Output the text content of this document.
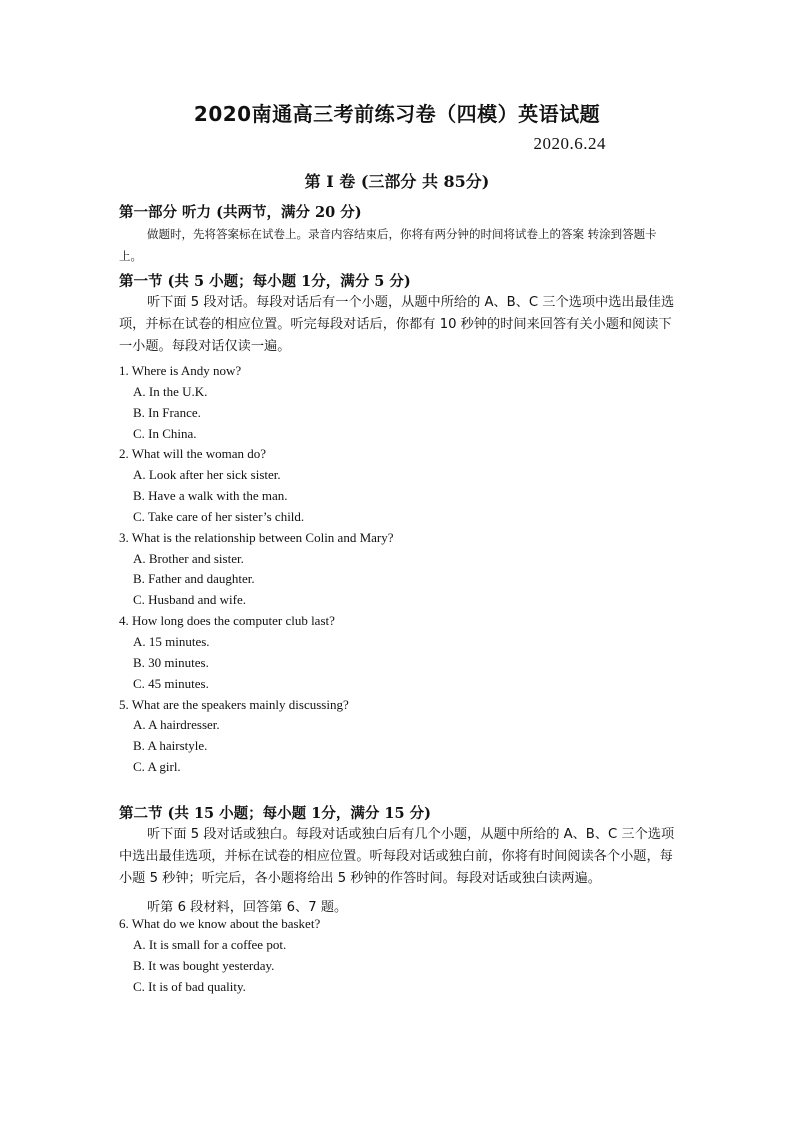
2020南通高三考前练习卷（四模）英语试题
2020.6.24
第 I 卷 (三部分 共 85分)
第一部分 听力 (共两节，满分 20 分)

做题时，先将答案标在试卷上。录音内容结束后，你将有两分钟的时间将试卷上的答案 转涂到答题卡上。

第一节 (共 5 小题；每小题 1分，满分 5 分)

听下面 5 段对话。每段对话后有一个小题，从题中所给的 A、B、C 三个选项中选出最佳选项，并标在试卷的相应位置。听完每段对话后，你都有 10 秒钟的时间来回答有关小题和阅读下一小题。每段对话仅读一遍。

1. Where is Andy now?
A. In the U.K.
B. In France.
C. In China.
2. What will the woman do?
A. Look after her sick sister.
B. Have a walk with the man.
C. Take care of her sister’s child.
3. What is the relationship between Colin and Mary?
A. Brother and sister.
B. Father and daughter.
C. Husband and wife.
4. How long does the computer club last?
A. 15 minutes.
B. 30 minutes.
C. 45 minutes.
5. What are the speakers mainly discussing?
A. A hairdresser.
B. A hairstyle.
C. A girl.
第二节 (共 15 小题；每小题 1分，满分 15 分)

听下面 5 段对话或独白。每段对话或独白后有几个小题，从题中所给的 A、B、C 三个选项中选出最佳选项，并标在试卷的相应位置。听每段对话或独白前，你将有时间阅读各个小题，每小题 5 秒钟；听完后，各小题将给出 5 秒钟的作答时间。每段对话或独白读两遍。

听第 6 段材料，回答第 6、7 题。
6. What do we know about the basket?
A. It is small for a coffee pot.
B. It was bought yesterday.
C. It is of bad quality.
